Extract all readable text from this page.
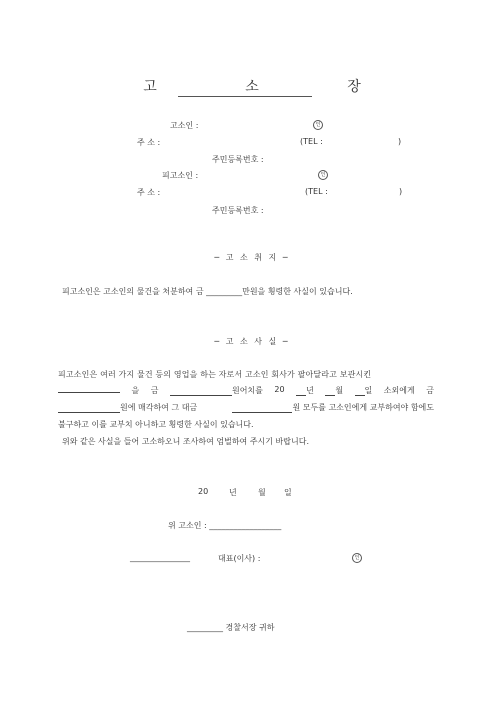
고 소 장
고소인 :	인
주 소 :	(TEL :	)
주민등록번호 :
피고소인 :	인
주 소 :	(TEL :	)
주민등록번호 :
─ 고 소 취 지 ─
피고소인은 고소인의 물건을 처분하여 금 _________만원을 횡령한 사실이 있습니다.
─ 고 소 사 실 ─
피고소인은 여러 가지 물건 등의 영업을 하는 자로서 고소인 회사가 팔아달라고 보관시킨
을 금	원어치를 20	년	월	일 소외에게 금
원에 매각하여 그 대금	원 모두를 고소인에게 교부하여야 함에도
불구하고 이를 교부치 아니하고 횡령한 사실이 있습니다.
위와 같은 사실을 들어 고소하오니 조사하여 엄벌하여 주시기 바랍니다.
20	년	월 일
위 고소인 : __________________
_______________	대표(이사) :	인
_________ 경찰서장 귀하
